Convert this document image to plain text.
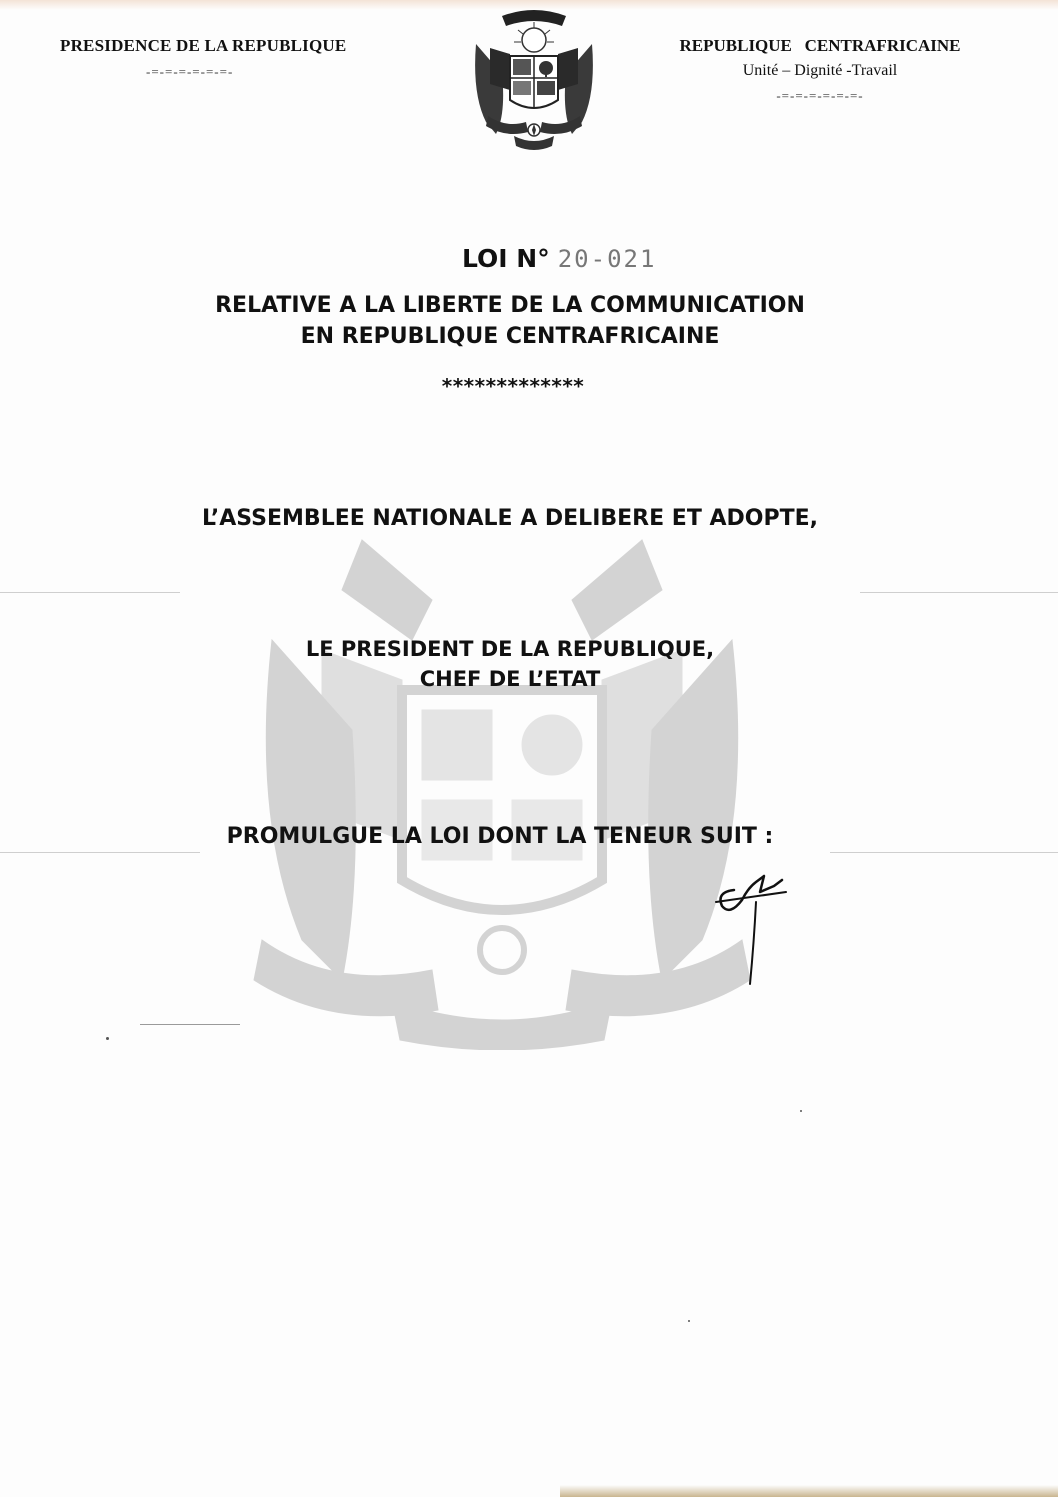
PRESIDENCE DE LA REPUBLIQUE
-=-=-=-=-=-=-
REPUBLIQUE   CENTRAFRICAINE
Unité – Dignité -Travail
-=-=-=-=-=-=-
LOI N° 20-021
RELATIVE A LA LIBERTE DE LA COMMUNICATION
EN REPUBLIQUE CENTRAFRICAINE
*************
L’ASSEMBLEE NATIONALE A DELIBERE ET ADOPTE,
LE PRESIDENT DE LA REPUBLIQUE,
CHEF DE L’ETAT
PROMULGUE LA LOI DONT LA TENEUR SUIT :
